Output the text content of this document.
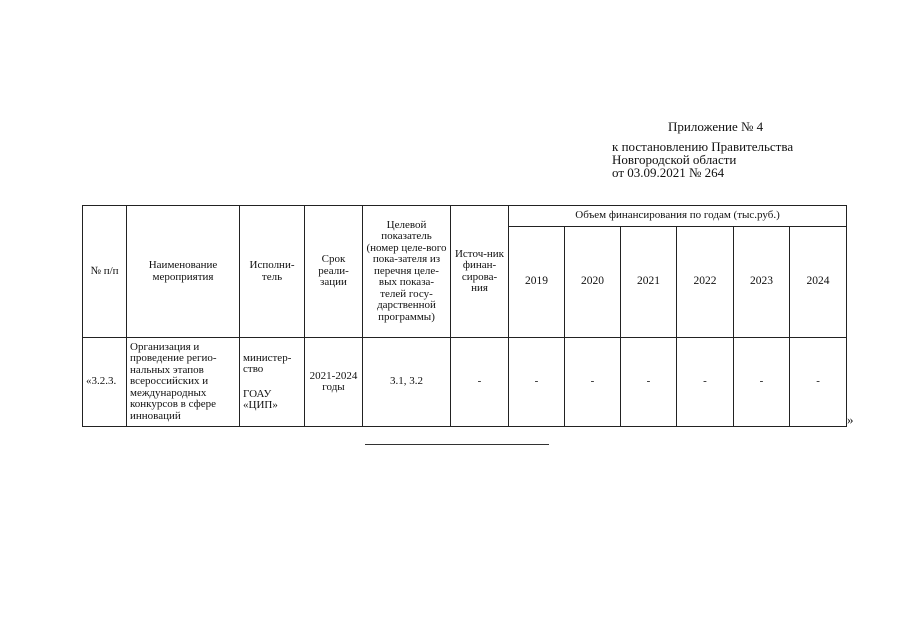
Приложение № 4
к постановлению Правительства
Новгородской области
от 03.09.2021 № 264
№ п/п	Наименование мероприятия	Исполни-тель	Срок реали-зации	Целевой показатель (номер целе-вого пока-зателя из перечня целе-вых показа-телей госу-дарственной программы)	Источ-ник финан-сирова-ния	Объем финансирования по годам (тыс.руб.)					
						2019	2020	2021	2022	2023	2024
«3.2.3.	Организация и проведение регио-нальных этапов всероссийских и международных конкурсов в сфере инноваций	министер-ство
ГОАУ «ЦИП»	2021-2024 годы	3.1, 3.2	-	-	-	-	-	-	-
»
